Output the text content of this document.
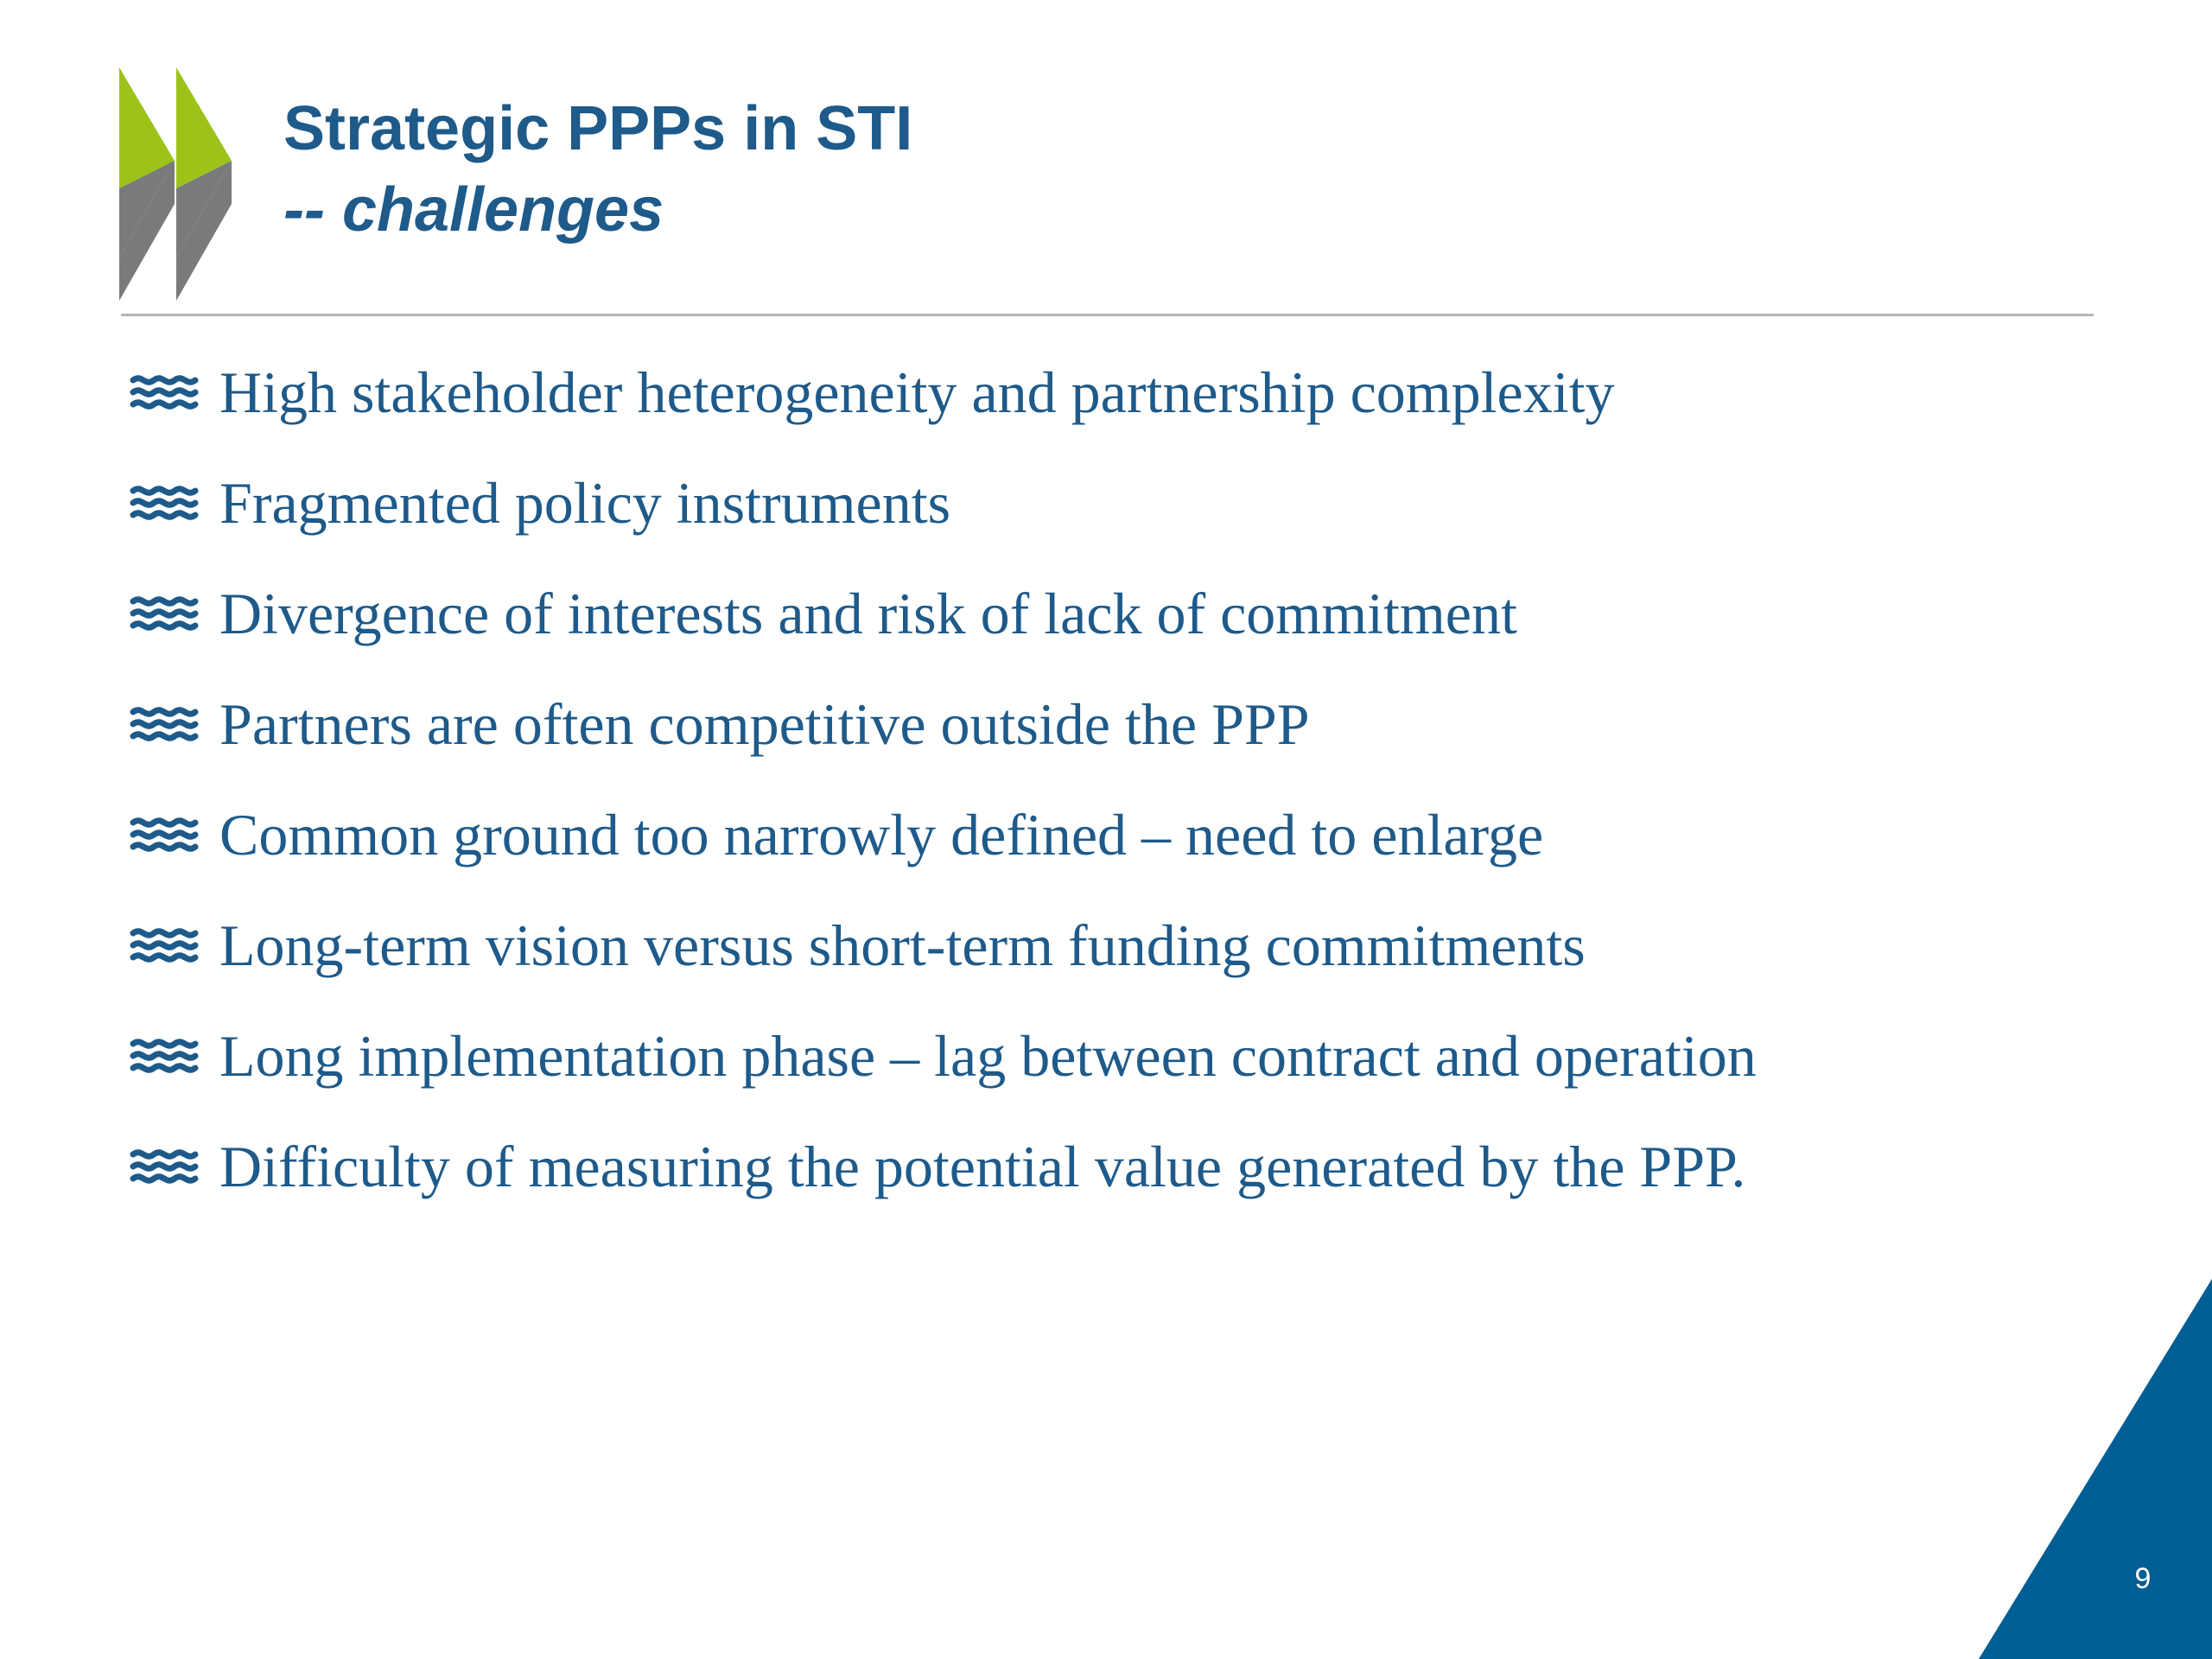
Strategic PPPs in STI
-- challenges
High stakeholder heterogeneity and partnership complexity
Fragmented policy instruments
Divergence of interests and risk of lack of commitment
Partners are often competitive outside the PPP
Common ground too narrowly defined – need to enlarge
Long-term vision versus short-term funding commitments
Long implementation phase – lag between contract and operation
Difficulty of measuring the potential value generated by the PPP.
9
